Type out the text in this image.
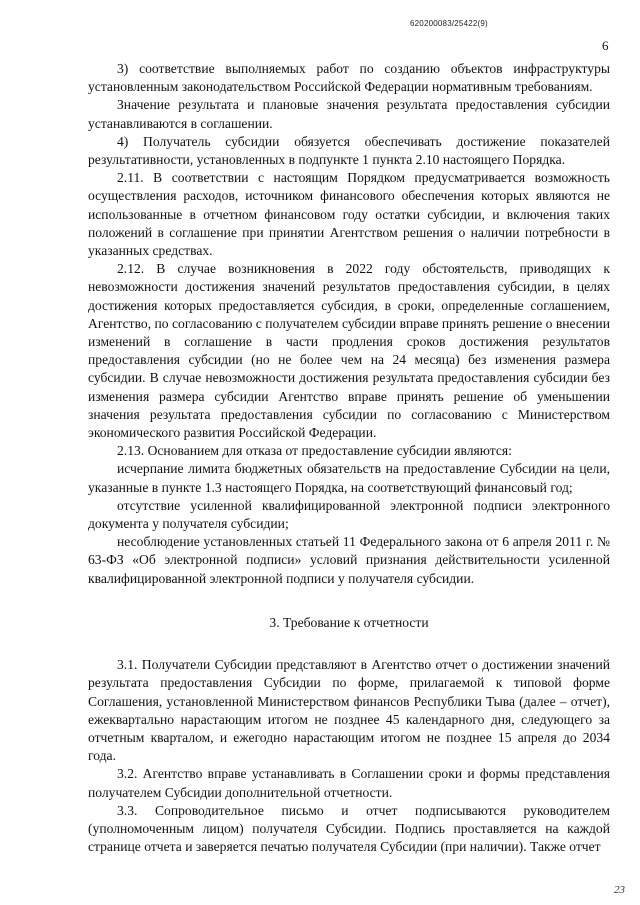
620200083/25422(9)
6

3) соответствие выполняемых работ по созданию объектов инфраструктуры установленным законодательством Российской Федерации нормативным требованиям.

Значение результата и плановые значения результата предоставления субсидии устанавливаются в соглашении.

4) Получатель субсидии обязуется обеспечивать достижение показателей результативности, установленных в подпункте 1 пункта 2.10 настоящего Порядка.

2.11. В соответствии с настоящим Порядком предусматривается возможность осуществления расходов, источником финансового обеспечения которых являются не использованные в отчетном финансовом году остатки субсидии, и включения таких положений в соглашение при принятии Агентством решения о наличии потребности в указанных средствах.

2.12. В случае возникновения в 2022 году обстоятельств, приводящих к невозможности достижения значений результатов предоставления субсидии, в целях достижения которых предоставляется субсидия, в сроки, определенные соглашением, Агентство, по согласованию с получателем субсидии вправе принять решение о внесении изменений в соглашение в части продления сроков достижения результатов предоставления субсидии (но не более чем на 24 месяца) без изменения размера субсидии. В случае невозможности достижения результата предоставления субсидии без изменения размера субсидии Агентство вправе принять решение об уменьшении значения результата предоставления субсидии по согласованию с Министерством экономического развития Российской Федерации.

2.13. Основанием для отказа от предоставление субсидии являются:

исчерпание лимита бюджетных обязательств на предоставление Субсидии на цели, указанные в пункте 1.3 настоящего Порядка, на соответствующий финансовый год;

отсутствие усиленной квалифицированной электронной подписи электронного документа у получателя субсидии;

несоблюдение установленных статьей 11 Федерального закона от 6 апреля 2011 г. № 63-ФЗ «Об электронной подписи» условий признания действительности усиленной квалифицированной электронной подписи у получателя субсидии.

3. Требование к отчетности

3.1. Получатели Субсидии представляют в Агентство отчет о достижении значений результата предоставления Субсидии по форме, прилагаемой к типовой форме Соглашения, установленной Министерством финансов Республики Тыва (далее – отчет), ежеквартально нарастающим итогом не позднее 45 календарного дня, следующего за отчетным кварталом, и ежегодно нарастающим итогом не позднее 15 апреля до 2034 года.

3.2. Агентство вправе устанавливать в Соглашении сроки и формы представления получателем Субсидии дополнительной отчетности.

3.3. Сопроводительное письмо и отчет подписываются руководителем (уполномоченным лицом) получателя Субсидии. Подпись проставляется на каждой странице отчета и заверяется печатью получателя Субсидии (при наличии). Также отчет

23
